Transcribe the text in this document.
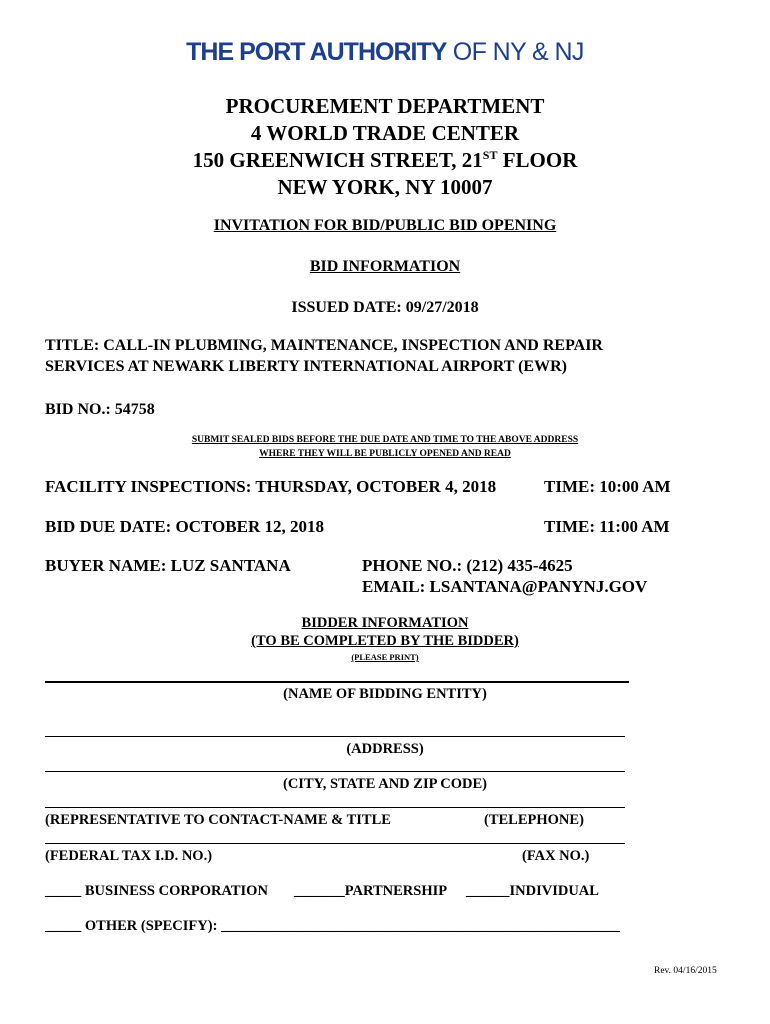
THE PORT AUTHORITY OF NY & NJ
PROCUREMENT DEPARTMENT
4 WORLD TRADE CENTER
150 GREENWICH STREET, 21ST FLOOR
NEW YORK, NY 10007
INVITATION FOR BID/PUBLIC BID OPENING
BID INFORMATION
ISSUED DATE: 09/27/2018
TITLE: CALL-IN PLUBMING, MAINTENANCE, INSPECTION AND REPAIR
SERVICES AT NEWARK LIBERTY INTERNATIONAL AIRPORT (EWR)
BID NO.: 54758
SUBMIT SEALED BIDS BEFORE THE DUE DATE AND TIME TO THE ABOVE ADDRESS
WHERE THEY WILL BE PUBLICLY OPENED AND READ
FACILITY INSPECTIONS: THURSDAY, OCTOBER 4, 2018	TIME: 10:00 AM
BID DUE DATE: OCTOBER 12, 2018	TIME: 11:00 AM
BUYER NAME: LUZ SANTANA	PHONE NO.: (212) 435-4625
EMAIL: LSANTANA@PANYNJ.GOV
BIDDER INFORMATION
(TO BE COMPLETED BY THE BIDDER)
(PLEASE PRINT)
(NAME OF BIDDING ENTITY)
(ADDRESS)
(CITY, STATE AND ZIP CODE)
(REPRESENTATIVE TO CONTACT-NAME & TITLE	(TELEPHONE)
(FEDERAL TAX I.D. NO.)	(FAX NO.)
_____ BUSINESS CORPORATION _______PARTNERSHIP ______INDIVIDUAL
_____ OTHER (SPECIFY): _______________________________________________________
Rev. 04/16/2015
